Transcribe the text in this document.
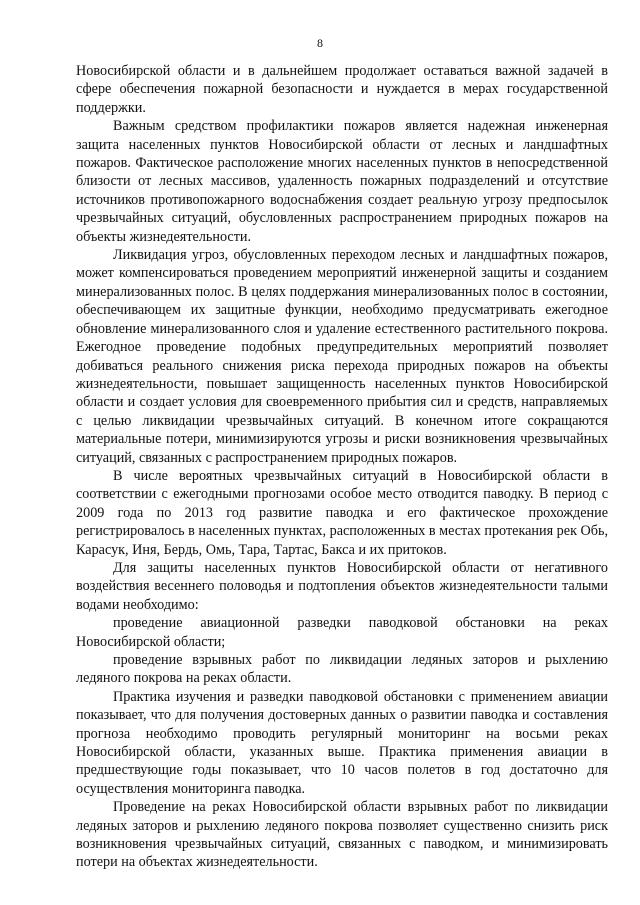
8

Новосибирской области и в дальнейшем продолжает оставаться важной задачей в сфере обеспечения пожарной безопасности и нуждается в мерах государственной поддержки.

Важным средством профилактики пожаров является надежная инженерная защита населенных пунктов Новосибирской области от лесных и ландшафтных пожаров. Фактическое расположение многих населенных пунктов в непосредственной близости от лесных массивов, удаленность пожарных подразделений и отсутствие источников противопожарного водоснабжения создает реальную угрозу предпосылок чрезвычайных ситуаций, обусловленных распространением природных пожаров на объекты жизнедеятельности.

Ликвидация угроз, обусловленных переходом лесных и ландшафтных пожаров, может компенсироваться проведением мероприятий инженерной защиты и созданием минерализованных полос. В целях поддержания минерализованных полос в состоянии, обеспечивающем их защитные функции, необходимо предусматривать ежегодное обновление минерализованного слоя и удаление естественного растительного покрова. Ежегодное проведение подобных предупредительных мероприятий позволяет добиваться реального снижения риска перехода природных пожаров на объекты жизнедеятельности, повышает защищенность населенных пунктов Новосибирской области и создает условия для своевременного прибытия сил и средств, направляемых с целью ликвидации чрезвычайных ситуаций. В конечном итоге сокращаются материальные потери, минимизируются угрозы и риски возникновения чрезвычайных ситуаций, связанных с распространением природных пожаров.

В числе вероятных чрезвычайных ситуаций в Новосибирской области в соответствии с ежегодными прогнозами особое место отводится паводку. В период с 2009 года по 2013 год развитие паводка и его фактическое прохождение регистрировалось в населенных пунктах, расположенных в местах протекания рек Обь, Карасук, Иня, Бердь, Омь, Тара, Тартас, Бакса и их притоков.

Для защиты населенных пунктов Новосибирской области от негативного воздействия весеннего половодья и подтопления объектов жизнедеятельности талыми водами необходимо:

проведение авиационной разведки паводковой обстановки на реках Новосибирской области;

проведение взрывных работ по ликвидации ледяных заторов и рыхлению ледяного покрова на реках области.

Практика изучения и разведки паводковой обстановки с применением авиации показывает, что для получения достоверных данных о развитии паводка и составления прогноза необходимо проводить регулярный мониторинг на восьми реках Новосибирской области, указанных выше. Практика применения авиации в предшествующие годы показывает, что 10 часов полетов в год достаточно для осуществления мониторинга паводка.

Проведение на реках Новосибирской области взрывных работ по ликвидации ледяных заторов и рыхлению ледяного покрова позволяет существенно снизить риск возникновения чрезвычайных ситуаций, связанных с паводком, и минимизировать потери на объектах жизнедеятельности.
